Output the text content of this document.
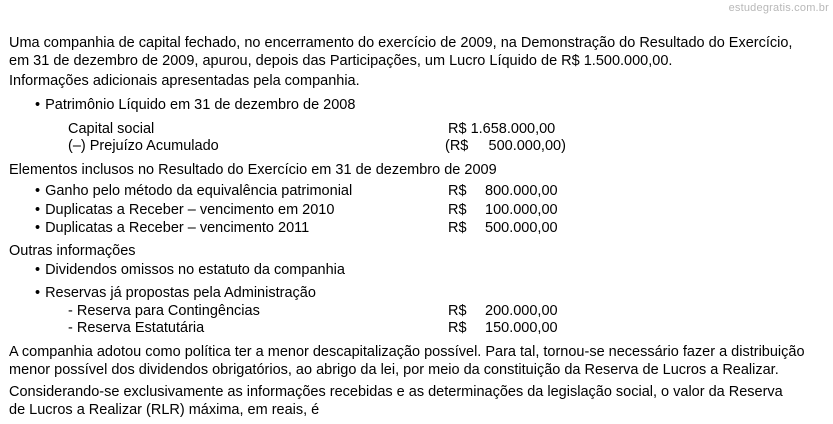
estudegratis.com.br
Uma companhia de capital fechado, no encerramento do exercício de 2009, na Demonstração do Resultado do Exercício,
em 31 de dezembro de 2009, apurou, depois das Participações, um Lucro Líquido de R$ 1.500.000,00.
Informações adicionais apresentadas pela companhia.
• Patrimônio Líquido em 31 de dezembro de 2008
Capital social	R$ 1.658.000,00
(–) Prejuízo Acumulado	(R$     500.000,00)
Elementos inclusos no Resultado do Exercício em 31 de dezembro de 2009
• Ganho pelo método da equivalência patrimonial	R$ 800.000,00
• Duplicatas a Receber – vencimento em 2010	R$ 100.000,00
• Duplicatas a Receber – vencimento 2011	R$ 500.000,00
Outras informações
• Dividendos omissos no estatuto da companhia
• Reservas já propostas pela Administração
- Reserva para Contingências	R$ 200.000,00
- Reserva Estatutária	R$ 150.000,00
A companhia adotou como política ter a menor descapitalização possível. Para tal, tornou-se necessário fazer a distribuição
menor possível dos dividendos obrigatórios, ao abrigo da lei, por meio da constituição da Reserva de Lucros a Realizar.
Considerando-se exclusivamente as informações recebidas e as determinações da legislação social, o valor da Reserva
de Lucros a Realizar (RLR) máxima, em reais, é
